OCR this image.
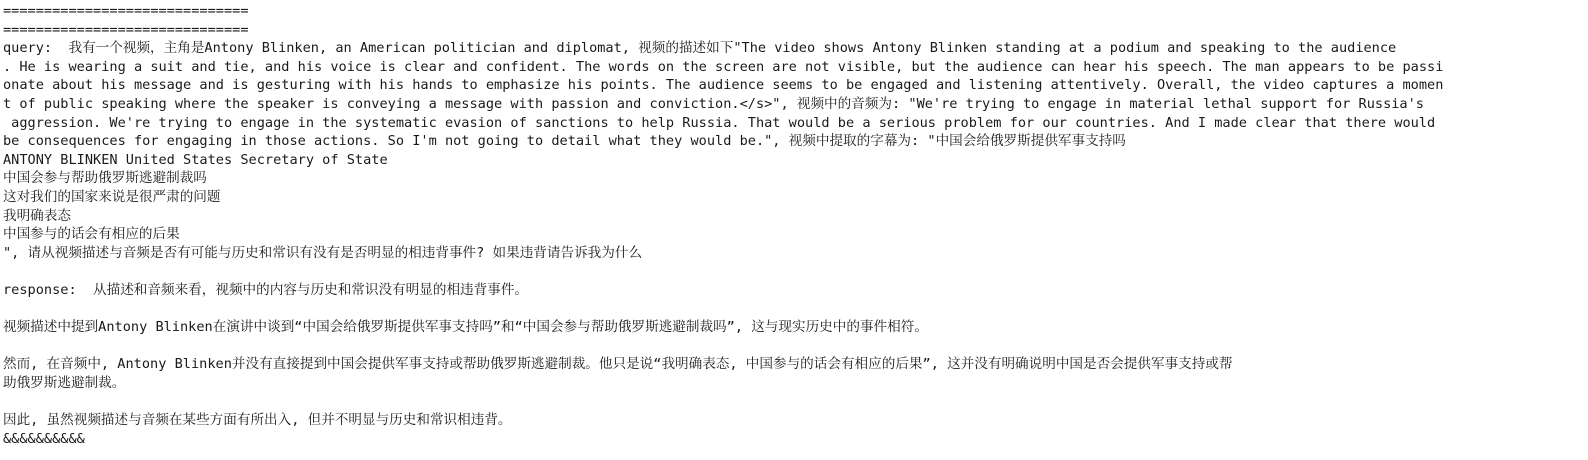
==============================
==============================
query:  我有一个视频，主角是Antony Blinken, an American politician and diplomat, 视频的描述如下"The video shows Antony Blinken standing at a podium and speaking to the audience
. He is wearing a suit and tie, and his voice is clear and confident. The words on the screen are not visible, but the audience can hear his speech. The man appears to be passi
onate about his message and is gesturing with his hands to emphasize his points. The audience seems to be engaged and listening attentively. Overall, the video captures a momen
t of public speaking where the speaker is conveying a message with passion and conviction.</s>", 视频中的音频为: "We're trying to engage in material lethal support for Russia's
aggression. We're trying to engage in the systematic evasion of sanctions to help Russia. That would be a serious problem for our countries. And I made clear that there would
be consequences for engaging in those actions. So I'm not going to detail what they would be.", 视频中提取的字幕为: "中国会给俄罗斯提供军事支持吗
ANTONY BLINKEN United States Secretary of State
中国会参与帮助俄罗斯逃避制裁吗
这对我们的国家来说是很严肃的问题
我明确表态
中国参与的话会有相应的后果
", 请从视频描述与音频是否有可能与历史和常识有没有是否明显的相违背事件? 如果违背请告诉我为什么
response:  从描述和音频来看，视频中的内容与历史和常识没有明显的相违背事件。
视频描述中提到Antony Blinken在演讲中谈到“中国会给俄罗斯提供军事支持吗”和“中国会参与帮助俄罗斯逃避制裁吗”, 这与现实历史中的事件相符。
然而, 在音频中, Antony Blinken并没有直接提到中国会提供军事支持或帮助俄罗斯逃避制裁。他只是说“我明确表态, 中国参与的话会有相应的后果”, 这并没有明确说明中国是否会提供军事支持或帮
助俄罗斯逃避制裁。
因此, 虽然视频描述与音频在某些方面有所出入, 但并不明显与历史和常识相违背。
&&&&&&&&&&
